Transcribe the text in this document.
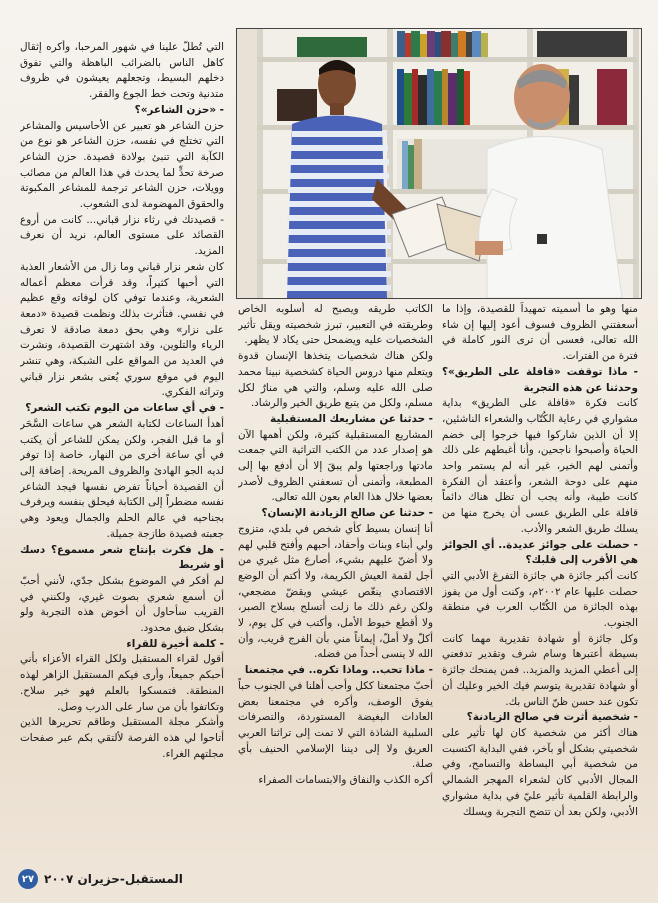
التي تُطلّ علينا في شهور المرحبا، وأكره إثقال كاهل الناس بالضرائب الباهظة والتي تفوق دخلهم البسيط، وتجعلهم يعيشون في ظروف متدنية وتحت خط الجوع والفقر.

- «حزن الشاعر»؟

حزن الشاعر هو تعبير عن الأحاسيس والمشاعر التي تختلج في نفسه، حزن الشاعر هو نوع من الكآبة التي تنبئ بولادة قصيدة. حزن الشاعر صرخة تحدٍّ لما يحدث في هذا العالم من مصائب وويلات، حزن الشاعر ترجمة للمشاعر المكبوتة والحقوق المهضومة لدى الشعوب.

- قصيدتك في رثاء نزار قباني... كانت من أروع القصائد على مستوى العالم، نريد أن نعرف المزيد.

كان شعر نزار قباني وما زال من الأشعار العذبة التي أحبها كثيراً، وقد قرأت معظم أعماله الشعرية، وعندما توفي كان لوفاته وقع عظيم في نفسي. فتأثرت بذلك ونظمت قصيدة «دمعة على نزار» وهي بحق دمعة صادقة لا تعرف الرياء والتلوين، وقد اشتهرت القصيدة، ونشرت في العديد من المواقع على الشبكة، وهي تنشر اليوم في موقع سوري يُعنى بشعر نزار قباني وتراثه الفكري.

- في أي ساعات من اليوم تكتب الشعر؟

أهدأ الساعات لكتابة الشعر هي ساعات السَّحَر أو ما قبل الفجر، ولكن يمكن للشاعر أن يكتب في أي ساعة أخرى من النهار، خاصة إذا توفر لديه الجو الهادئ والظروف المريحة. إضافة إلى أن القصيدة أحياناً تفرض نفسها فيجد الشاعر نفسه مضطراً إلى الكتابة فيحلق بنفسه ويرفرف بجناحيه في عالم الحلم والجمال ويعود وهي جعبته قصيدة طازجة جميلة.

- هل فكرت بإنتاج شعر مسموع؟ دسك أو شريط

لم أفكر في الموضوع بشكل جدّي، لأنني أحبّ أن أسمع شعري بصوت غيري، ولكنني في القريب سأحاول أن أخوض هذه التجربة ولو بشكل ضيق محدود.

- كلمة أخيرة للقراء

أقول لقراء المستقبل ولكل القراء الأعزاء بأني أحبكم جميعاً، وأرى فيكم المستقبل الزاهر لهذه المنطقة. فتمسكوا بالعلم فهو خير سلاح. وتكاتفوا بأن من سار على الدرب وصل.

وأشكر مجلة المستقبل وطاقم تحريرها الذين أتاحوا لي هذه الفرصة لألتقي بكم عبر صفحات مجلتهم الغراء.

الكاتب طريقه ويصبح له أسلوبه الخاص وطريقته في التعبير، تبرز شخصيته ويقل تأثير الشخصيات عليه ويضمحل حتى يكاد لا يظهر.

ولكن هناك شخصيات يتخذها الإنسان قدوة ويتعلم منها دروس الحياة كشخصية نبينا محمد صلى الله عليه وسلم، والتي هي منارٌ لكل مسلم، ولكل من يتبع طريق الخير والرشاد.

- حدثنا عن مشاريعك المستقبلية

المشاريع المستقبلية كثيرة، ولكن أهمها الآن هو إصدار عدد من الكتب التراثية التي جمعت مادتها وراجعتها ولم يبقَ إلا أن أدفع بها إلى المطبعة، وأتمنى أن تسعفني الظروف لأصدر بعضها خلال هذا العام بعون الله تعالى.

- حدثنا عن صالح الزيادنة الإنسان؟

أنا إنسان بسيط كأي شخص في بلدي، متزوج ولي أبناء وبنات وأحفاد، أحبهم وأفتح قلبي لهم ولا أضنّ عليهم بشيء، أصارع مثل غيري من أجل لقمة العيش الكريمة، ولا أكتم أن الوضع الاقتصادي ينغّص عيشي ويقضّ مضجعي، ولكن رغم ذلك ما زلت أتسلح بسلاح الصبر، ولا أقطع خيوط الأمل، وأكتب في كل يوم، لا أكلّ ولا أملّ، إيماناً مني بأن الفرج قريب، وأن الله لا ينسى أحداً من فضله.

- ماذا تحب.. وماذا تكره.. في مجتمعنا

أحبّ مجتمعنا ككل وأحب أهلنا في الجنوب حباً يفوق الوصف، وأكره في مجتمعنا بعض العادات البغيضة المستوردة، والتصرفات السلبية الشاذة التي لا تمت إلى تراثنا العربي العريق ولا إلى ديننا الإسلامي الحنيف بأي صلة.

أكره الكذب والنفاق والابتسامات الصفراء

منها وهو ما أسميته تمهيداً للقصيدة، وإذا ما أسعفتني الظروف فسوف أعود إليها إن شاء الله تعالى، فعسى أن ترى النور كاملة في فترة من الفترات.

- ماذا توقفت «قافلة على الطريق»؟ وحدثنا عن هذه التجربة

كانت فكرة «قافلة على الطريق» بداية مشواري في رعاية الكُتّاب والشعراء الناشئين، إلا أن الذين شاركوا فيها خرجوا إلى خضم الحياة وأصبحوا ناجحين، وأنا أغبطهم على ذلك وأتمنى لهم الخير، غير أنه لم يستمر واحد منهم على دوحة الشعر، وأعتقد أن الفكرة كانت طيبة، وأنه يجب أن تظل هناك دائماً قافلة على الطريق عسى أن يخرج منها من يسلك طريق الشعر والأدب.

- حصلت على جوائز عديدة.. أي الجوائز هي الأقرب إلى قلبك؟

كانت أكبر جائزة هي جائزة التفرغ الأدبي التي حصلت عليها عام ٢٠٠٢م، وكنت أول من يفوز بهذه الجائزة من الكُتّاب العرب في منطقة الجنوب.

وكل جائزة أو شهادة تقديرية مهما كانت بسيطة أعتبرها وسام شرف وتقدير تدفعني إلى أعطي المزيد والمزيد.. فمن يمنحك جائزة أو شهادة تقديرية يتوسم فيك الخير وعليك أن تكون عند حسن ظنّ الناس بك.

- شخصية أثرت في صالح الزيادنة؟

هناك أكثر من شخصية كان لها تأثير على شخصيتي بشكل أو بآخر، ففي البداية اكتسبت من شخصية أبي البساطة والتسامح، وفي المجال الأدبي كان لشعراء المهجر الشمالي والرابطة القلمية تأثير عليّ في بداية مشواري الأدبي، ولكن بعد أن تتضح التجربة ويسلك

٢٧ المستقبل-حزيران ٢٠٠٧
